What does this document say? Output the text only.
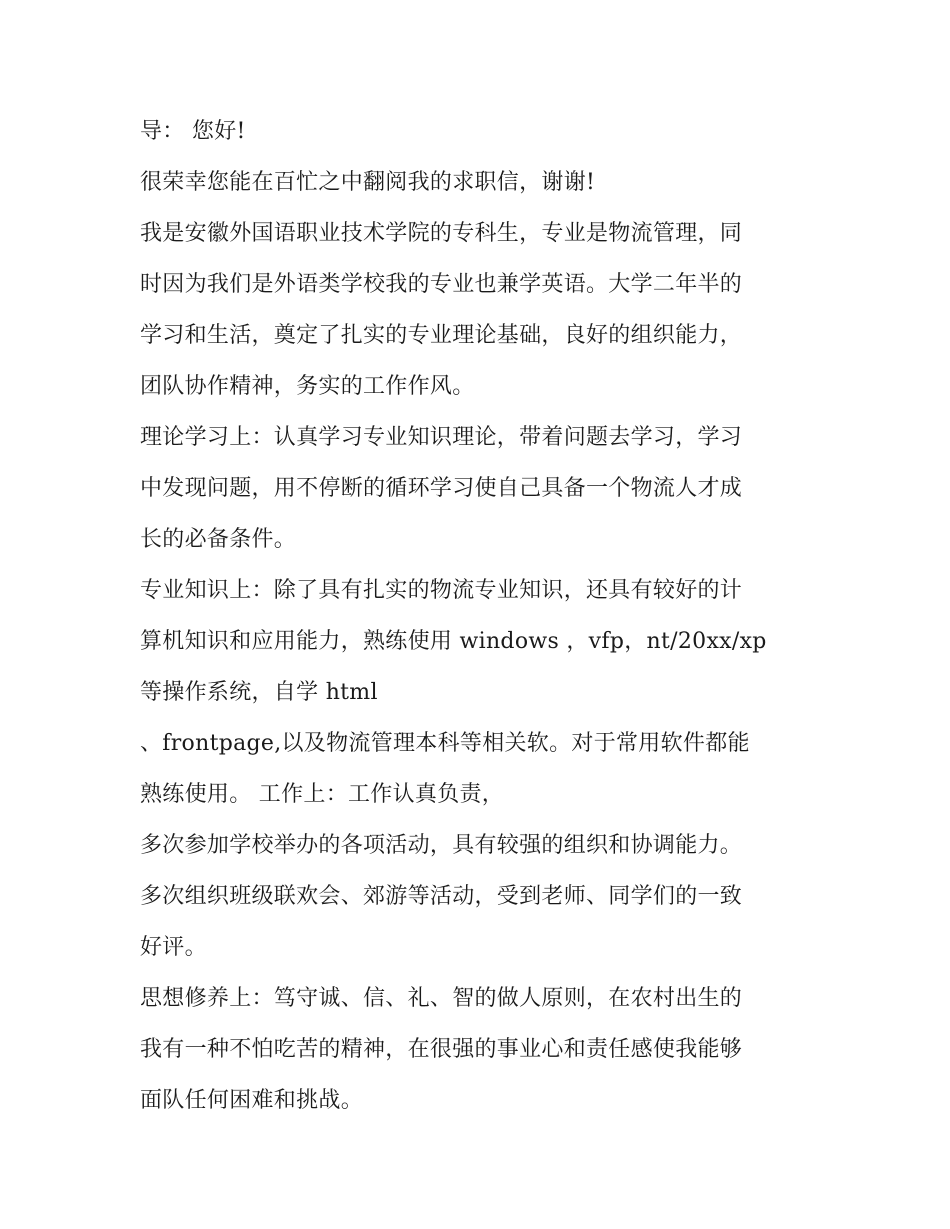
导： 您好!
很荣幸您能在百忙之中翻阅我的求职信，谢谢!
我是安徽外国语职业技术学院的专科生，专业是物流管理，同
时因为我们是外语类学校我的专业也兼学英语。大学二年半的
学习和生活，奠定了扎实的专业理论基础，良好的组织能力，
团队协作精神，务实的工作作风。
理论学习上：认真学习专业知识理论，带着问题去学习，学习
中发现问题，用不停断的循环学习使自己具备一个物流人才成
长的必备条件。
专业知识上：除了具有扎实的物流专业知识，还具有较好的计
算机知识和应用能力，熟练使用 windows ，vfp，nt/20xx/xp
等操作系统，自学 html
、frontpage,以及物流管理本科等相关软。对于常用软件都能
熟练使用。 工作上：工作认真负责，
多次参加学校举办的各项活动，具有较强的组织和协调能力。
多次组织班级联欢会、郊游等活动，受到老师、同学们的一致
好评。
思想修养上：笃守诚、信、礼、智的做人原则，在农村出生的
我有一种不怕吃苦的精神，在很强的事业心和责任感使我能够
面队任何困难和挑战。
